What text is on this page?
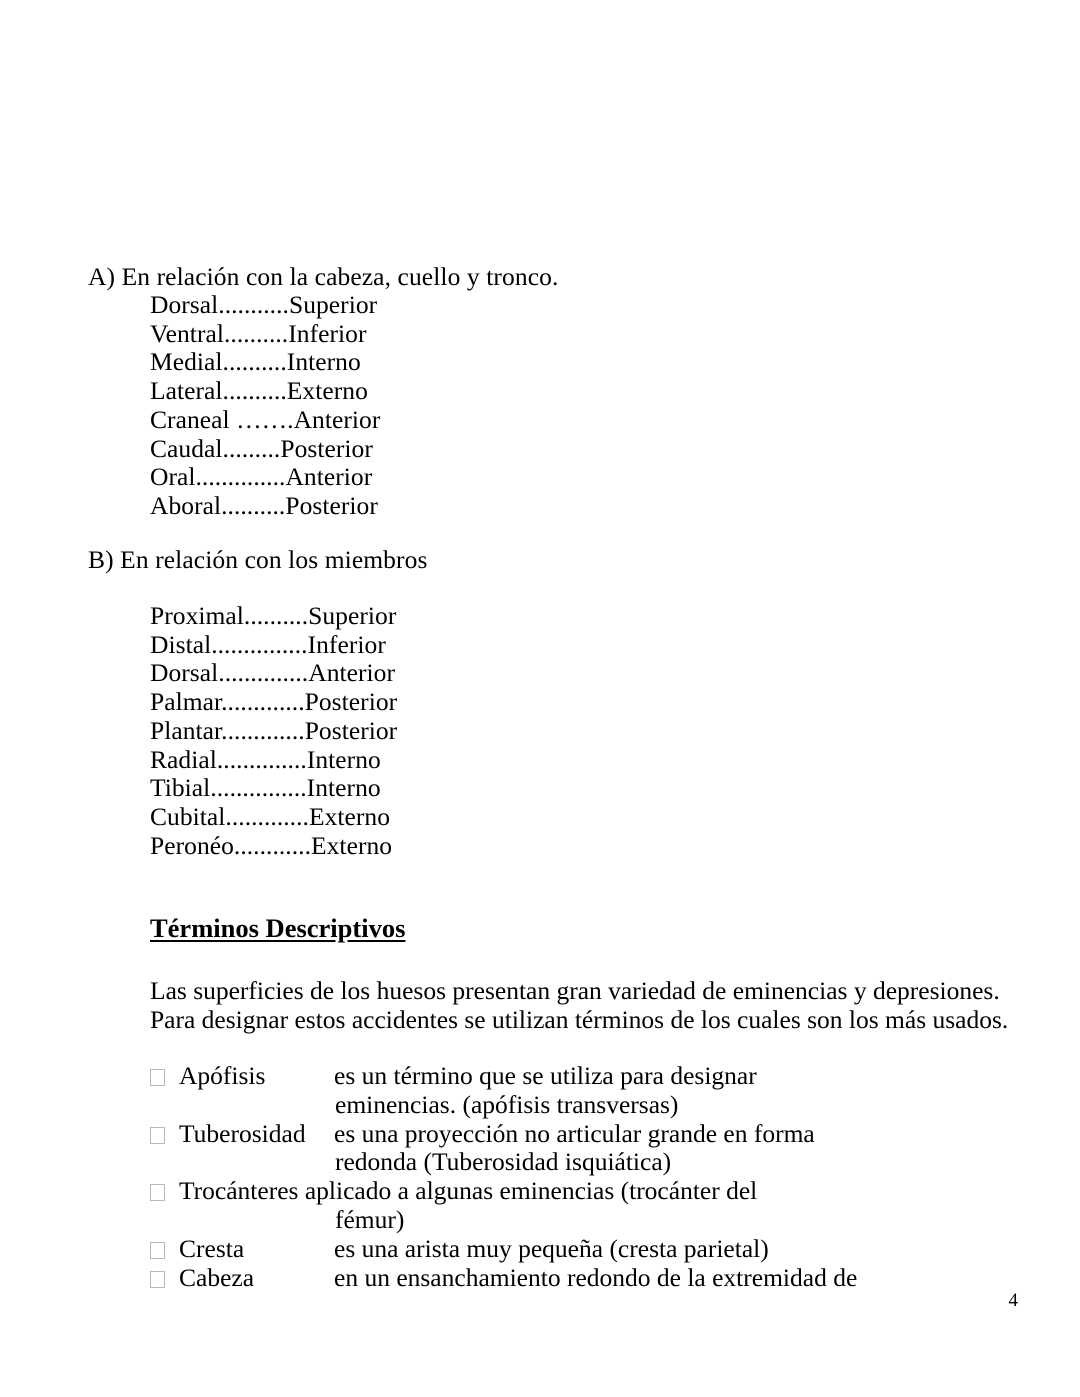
A) En relación con la cabeza, cuello y tronco.
Dorsal...........Superior
Ventral..........Inferior
Medial..........Interno
Lateral..........Externo
Craneal …….Anterior
Caudal.........Posterior
Oral..............Anterior
Aboral..........Posterior
B) En relación con los miembros
Proximal..........Superior
Distal...............Inferior
Dorsal..............Anterior
Palmar.............Posterior
Plantar.............Posterior
Radial..............Interno
Tibial...............Interno
Cubital.............Externo
Peronéo............Externo
Términos Descriptivos
Las superficies de los huesos presentan gran variedad de eminencias y depresiones.
Para designar estos accidentes se utilizan términos de los cuales son los más usados.
Apófisis	es un término que se utiliza para designar
eminencias. (apófisis transversas)
Tuberosidad es una proyección no articular grande en forma
redonda (Tuberosidad isquiática)
Trocánteres aplicado a algunas eminencias (trocánter del
fémur)
Cresta	es una arista muy pequeña (cresta parietal)
Cabeza	en un ensanchamiento redondo de la extremidad de
4
